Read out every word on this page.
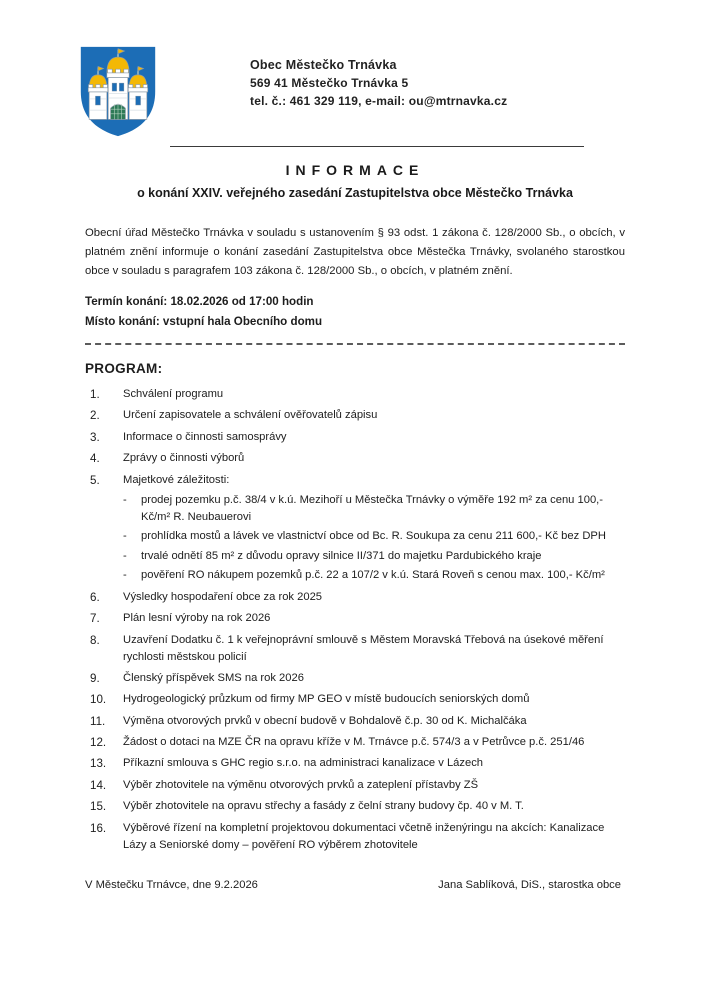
Obec Městečko Trnávka
569 41 Městečko Trnávka 5
tel. č.: 461 329 119, e-mail: ou@mtrnavka.cz
INFORMACE
o konání XXIV. veřejného zasedání Zastupitelstva obce Městečko Trnávka

Obecní úřad Městečko Trnávka v souladu s ustanovením § 93 odst. 1 zákona č. 128/2000 Sb., o obcích, v platném znění informuje o konání zasedání Zastupitelstva obce Městečka Trnávky, svolaného starostkou obce v souladu s paragrafem 103 zákona č. 128/2000 Sb., o obcích, v platném znění.

Termín konání: 18.02.2026 od 17:00 hodin
Místo konání: vstupní hala Obecního domu
PROGRAM:
1.	Schválení programu
2.	Určení zapisovatele a schválení ověřovatelů zápisu
3.	Informace o činnosti samosprávy
4.	Zprávy o činnosti výborů
5.	Majetkové záležitosti:
-	prodej pozemku p.č. 38/4 v k.ú. Mezihoří u Městečka Trnávky o výměře 192 m² za cenu 100,- Kč/m² R. Neubauerovi
-	prohlídka mostů a lávek ve vlastnictví obce od Bc. R. Soukupa za cenu 211 600,- Kč bez DPH
-	trvalé odnětí 85 m² z důvodu opravy silnice II/371 do majetku Pardubického kraje
-	pověření RO nákupem pozemků p.č. 22 a 107/2 v k.ú. Stará Roveň s cenou max. 100,- Kč/m²
6.	Výsledky hospodaření obce za rok 2025
7.	Plán lesní výroby na rok 2026
8.	Uzavření Dodatku č. 1 k veřejnoprávní smlouvě s Městem Moravská Třebová na úsekové měření rychlosti městskou policií
9.	Členský příspěvek SMS na rok 2026
10.	Hydrogeologický průzkum od firmy MP GEO v místě budoucích seniorských domů
11.	Výměna otvorových prvků v obecní budově v Bohdalově č.p. 30 od K. Michalčáka
12.	Žádost o dotaci na MZE ČR na opravu kříže v M. Trnávce p.č. 574/3 a v Petrůvce p.č. 251/46
13.	Příkazní smlouva s GHC regio s.r.o. na administraci kanalizace v Lázech
14.	Výběr zhotovitele na výměnu otvorových prvků a zateplení přístavby ZŠ
15.	Výběr zhotovitele na opravu střechy a fasády z čelní strany budovy čp. 40 v M. T.
16.	Výběrové řízení na kompletní projektovou dokumentaci včetně inženýringu na akcích: Kanalizace Lázy a Seniorské domy – pověření RO výběrem zhotovitele
V Městečku Trnávce, dne 9.2.2026	Jana Sablíková, DiS., starostka obce
